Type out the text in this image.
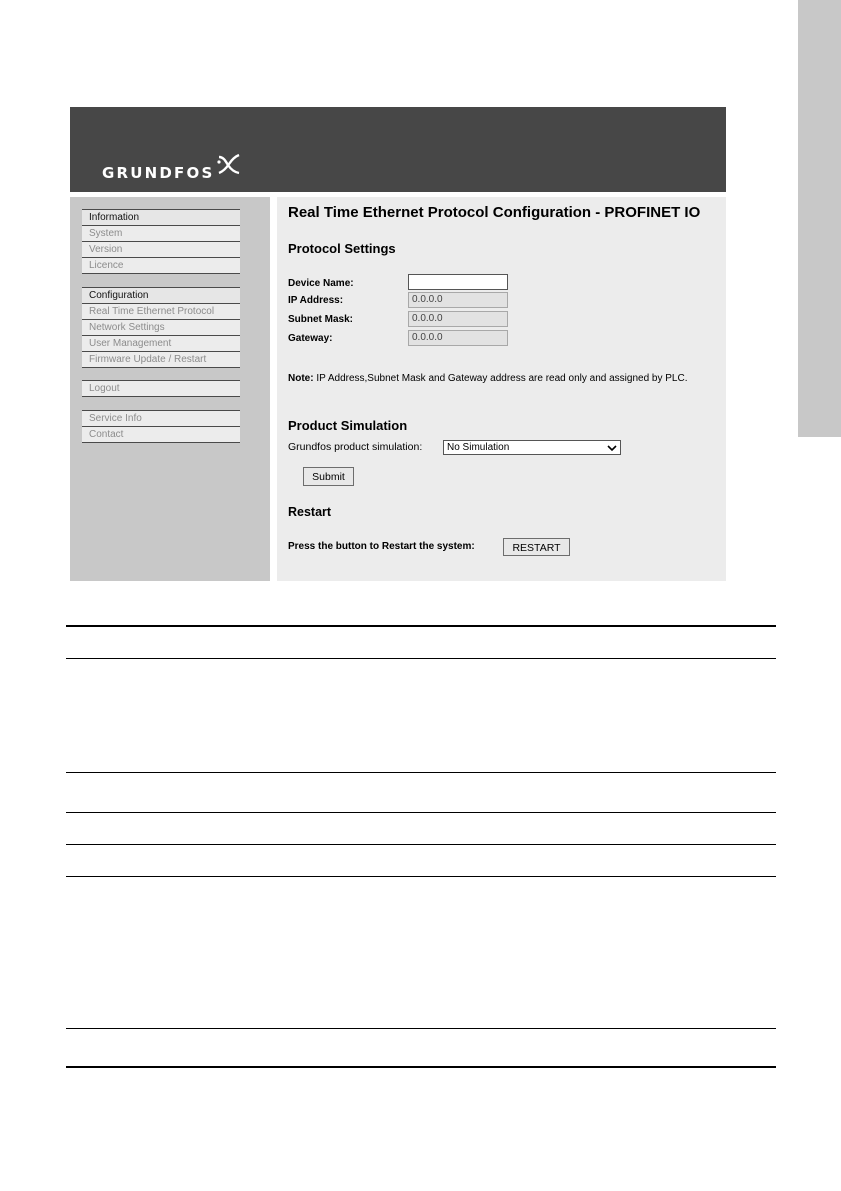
GRUNDFOS
Information
System
Version
Licence
Configuration
Real Time Ethernet Protocol
Network Settings
User Management
Firmware Update / Restart
Logout
Service Info
Contact
Real Time Ethernet Protocol Configuration - PROFINET IO
Protocol Settings
Device Name:
IP Address:	0.0.0.0
Subnet Mask:	0.0.0.0
Gateway:	0.0.0.0
Note: IP Address,Subnet Mask and Gateway address are read only and assigned by PLC.
Product Simulation
Grundfos product simulation: No Simulation
Submit
Restart
Press the button to Restart the system:	RESTART
